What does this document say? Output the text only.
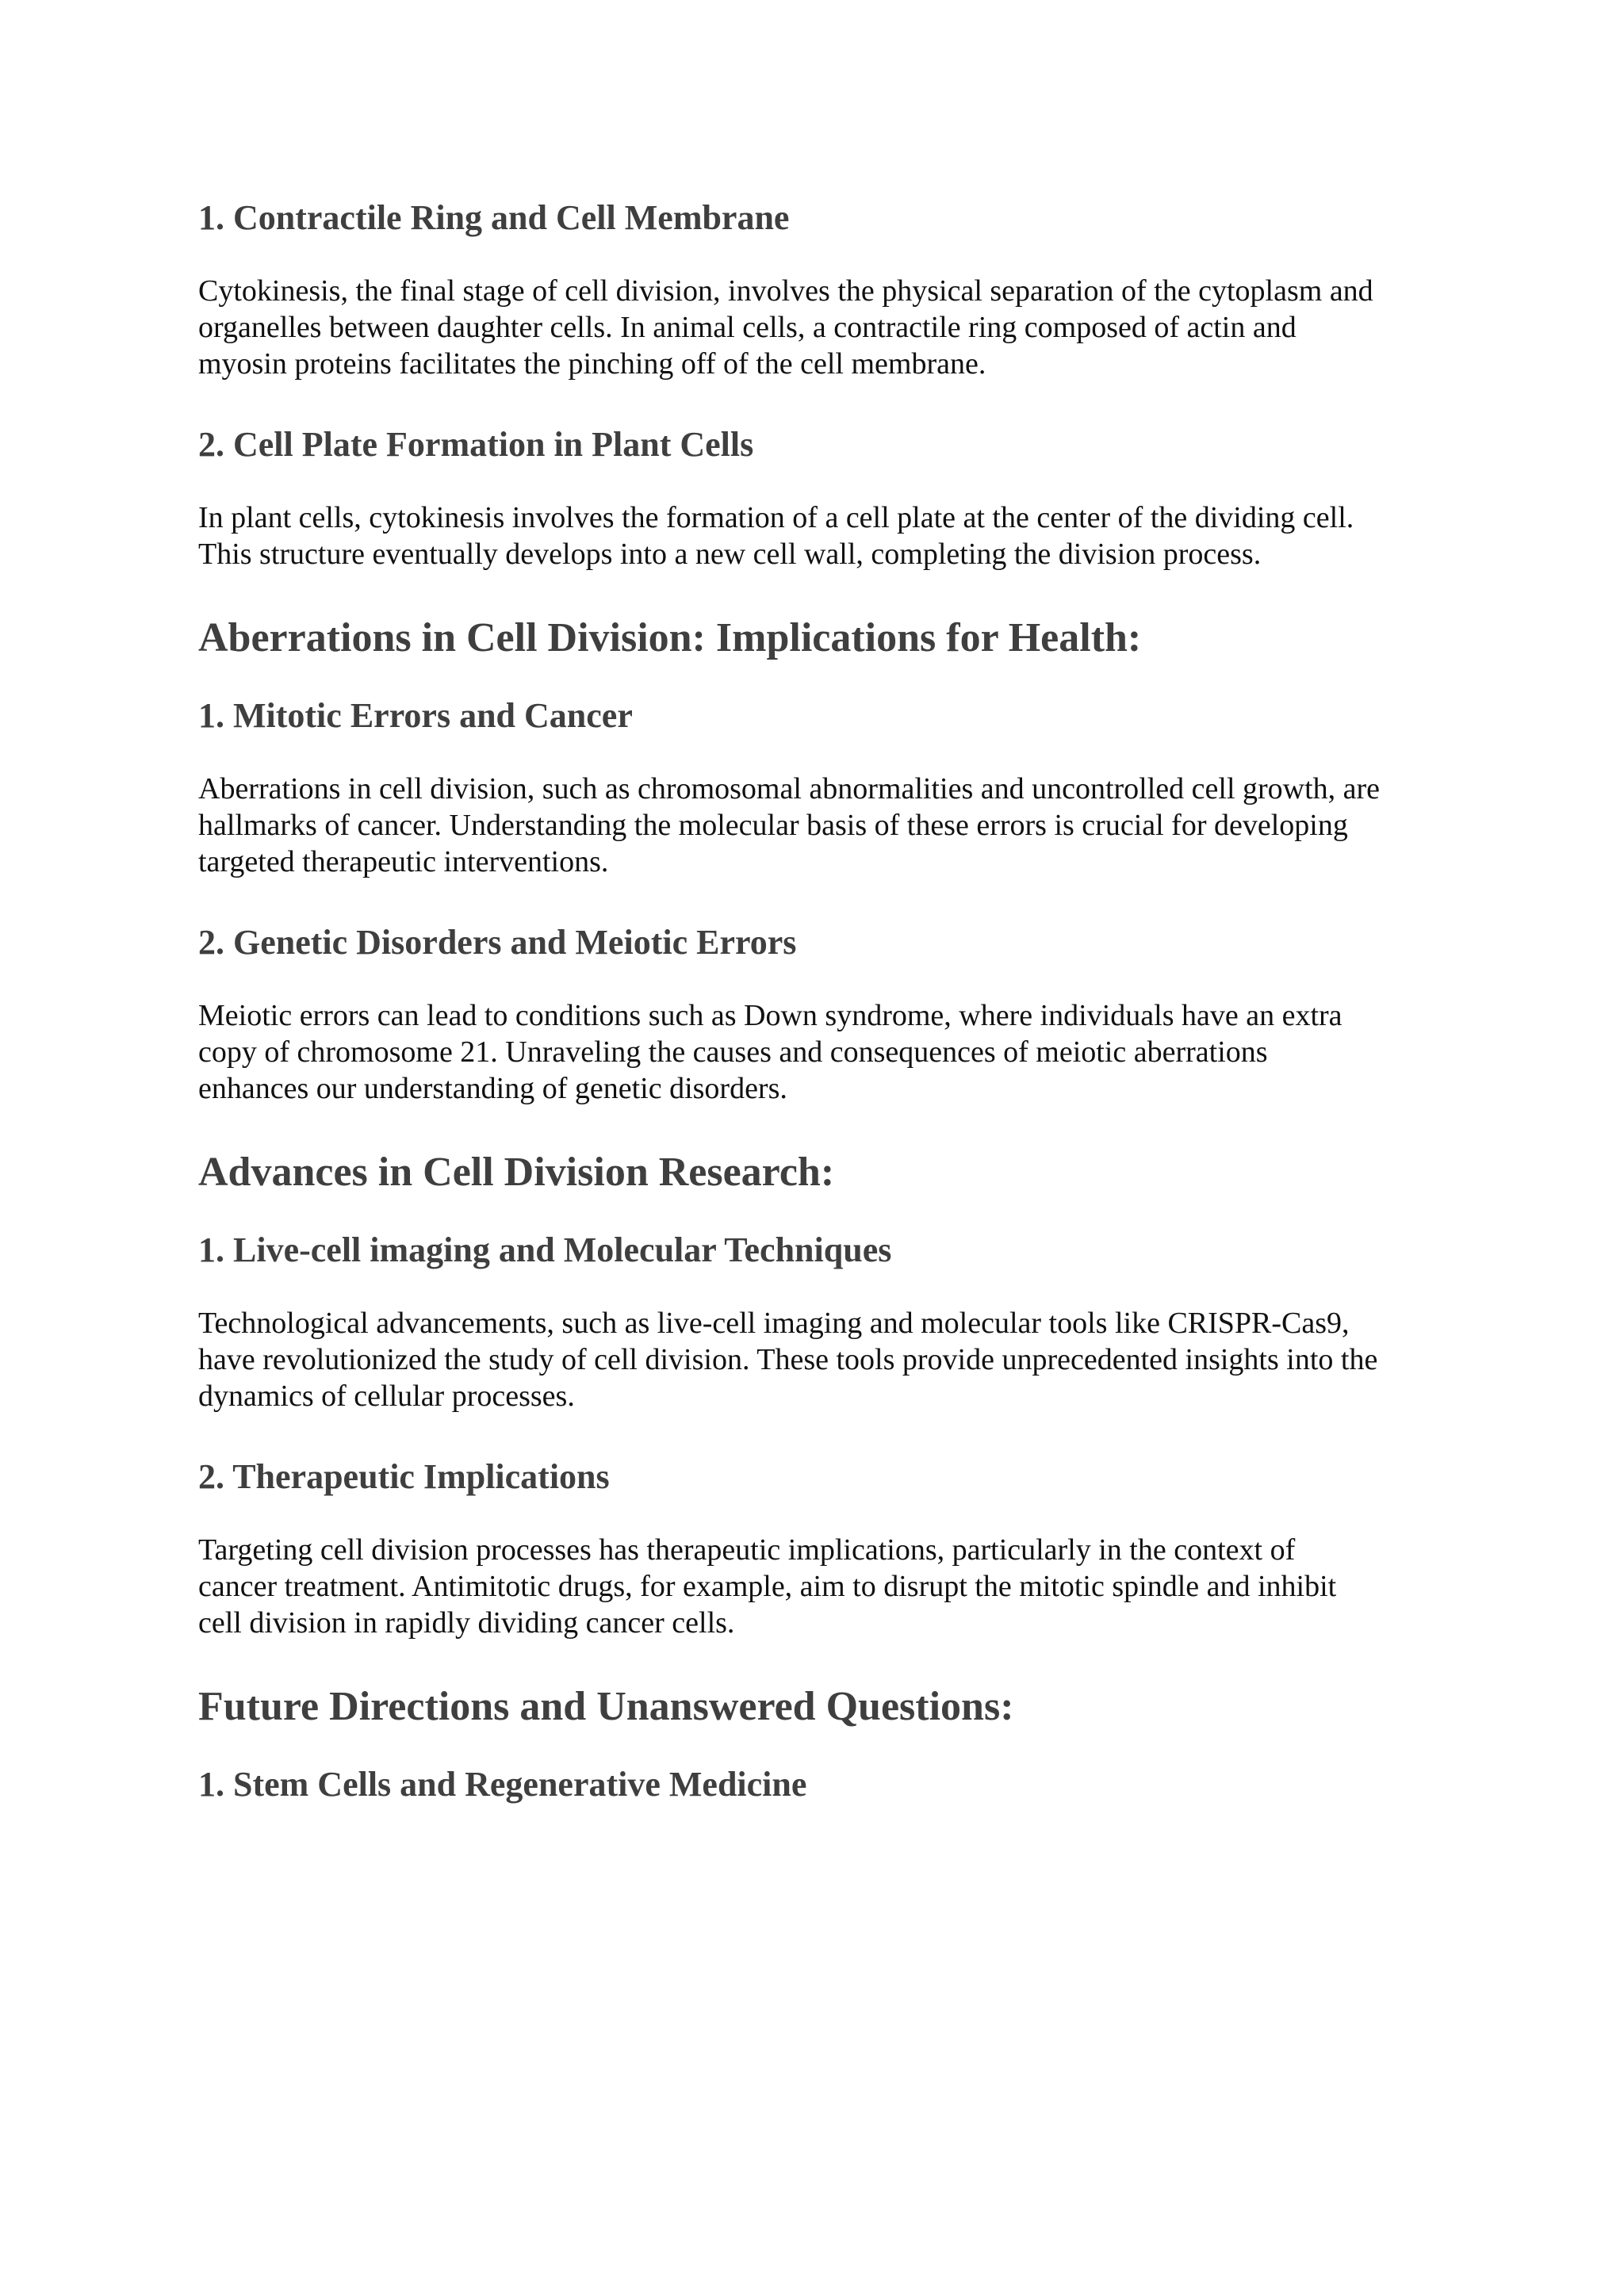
1. Contractile Ring and Cell Membrane

Cytokinesis, the final stage of cell division, involves the physical separation of the cytoplasm and
organelles between daughter cells. In animal cells, a contractile ring composed of actin and
myosin proteins facilitates the pinching off of the cell membrane.

2. Cell Plate Formation in Plant Cells

In plant cells, cytokinesis involves the formation of a cell plate at the center of the dividing cell.
This structure eventually develops into a new cell wall, completing the division process.

Aberrations in Cell Division: Implications for Health:
1. Mitotic Errors and Cancer

Aberrations in cell division, such as chromosomal abnormalities and uncontrolled cell growth, are
hallmarks of cancer. Understanding the molecular basis of these errors is crucial for developing
targeted therapeutic interventions.

2. Genetic Disorders and Meiotic Errors

Meiotic errors can lead to conditions such as Down syndrome, where individuals have an extra
copy of chromosome 21. Unraveling the causes and consequences of meiotic aberrations
enhances our understanding of genetic disorders.

Advances in Cell Division Research:
1. Live-cell imaging and Molecular Techniques

Technological advancements, such as live-cell imaging and molecular tools like CRISPR-Cas9,
have revolutionized the study of cell division. These tools provide unprecedented insights into the
dynamics of cellular processes.

2. Therapeutic Implications

Targeting cell division processes has therapeutic implications, particularly in the context of
cancer treatment. Antimitotic drugs, for example, aim to disrupt the mitotic spindle and inhibit
cell division in rapidly dividing cancer cells.

Future Directions and Unanswered Questions:
1. Stem Cells and Regenerative Medicine
